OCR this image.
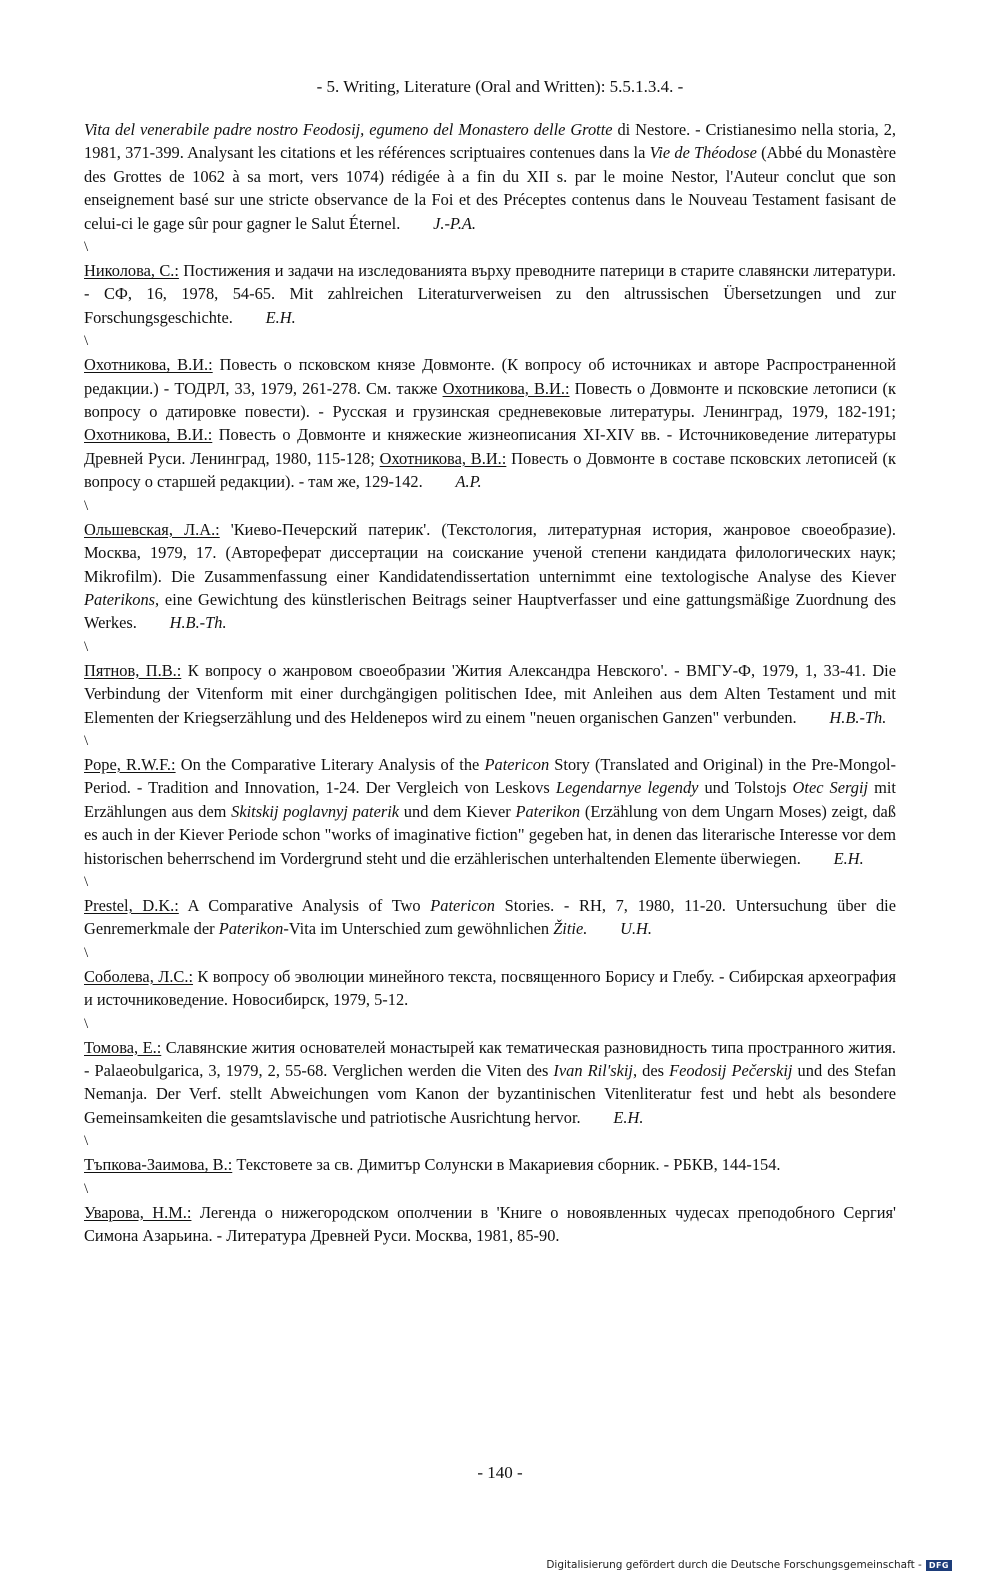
- 5. Writing, Literature (Oral and Written): 5.5.1.3.4. -

Vita del venerabile padre nostro Feodosij, egumeno del Monastero delle Grotte di Nestore. - Cristianesimo nella storia, 2, 1981, 371-399. Analysant les citations et les références scriptuaires contenues dans la Vie de Théodose (Abbé du Monastère des Grottes de 1062 à sa mort, vers 1074) rédigée à a fin du XII s. par le moine Nestor, l'Auteur conclut que son enseignement basé sur une stricte observance de la Foi et des Préceptes contenus dans le Nouveau Testament fasisant de celui-ci le gage sûr pour gagner le Salut Éternel.   J.-P.A.

\

Николова, С.: Постижения и задачи на изследованията върху преводните патерици в старите славянски литератури. - СФ, 16, 1978, 54-65. Mit zahlreichen Literaturverweisen zu den altrussischen Übersetzungen und zur Forschungsgeschichte.   E.H.

\

Охотникова, В.И.: Повесть о псковском князе Довмонте. (К вопросу об источниках и авторе Распространенной редакции.) - ТОДРЛ, 33, 1979, 261-278. См. также Охотникова, В.И.: Повесть о Довмонте и псковские летописи (к вопросу о датировке повести). - Русская и грузинская средневековые литературы. Ленинград, 1979, 182-191; Охотникова, В.И.: Повесть о Довмонте и княжеские жизнеописания XI-XIV вв. - Источниковедение литературы Древней Руси. Ленинград, 1980, 115-128; Охотникова, В.И.: Повесть о Довмонте в составе псковских летописей (к вопросу о старшей редакции). - там же, 129-142.   A.P.

\

Ольшевская, Л.А.: 'Киево-Печерский патерик'. (Текстология, литературная история, жанровое своеобразие). Москва, 1979, 17. (Автореферат диссертации на соискание ученой степени кандидата филологических наук; Mikrofilm). Die Zusammenfassung einer Kandidatendissertation unternimmt eine textologische Analyse des Kiever Paterikons, eine Gewichtung des künstlerischen Beitrags seiner Hauptverfasser und eine gattungsmäßige Zuordnung des Werkes.   H.B.-Th.

\

Пятнов, П.В.: К вопросу о жанровом своеобразии 'Жития Александра Невского'. - ВМГУ-Ф, 1979, 1, 33-41. Die Verbindung der Vitenform mit einer durchgängigen politischen Idee, mit Anleihen aus dem Alten Testament und mit Elementen der Kriegserzählung und des Heldenepos wird zu einem "neuen organischen Ganzen" verbunden.   H.B.-Th.

\

Pope, R.W.F.: On the Comparative Literary Analysis of the Patericon Story (Translated and Original) in the Pre-Mongol-Period. - Tradition and Innovation, 1-24. Der Vergleich von Leskovs Legendarnye legendy und Tolstojs Otec Sergij mit Erzählungen aus dem Skitskij poglavnyj paterik und dem Kiever Paterikon (Erzählung von dem Ungarn Moses) zeigt, daß es auch in der Kiever Periode schon "works of imaginative fiction" gegeben hat, in denen das literarische Interesse vor dem historischen beherrschend im Vordergrund steht und die erzählerischen unterhaltenden Elemente überwiegen.   E.H.

\

Prestel, D.K.: A Comparative Analysis of Two Patericon Stories. - RH, 7, 1980, 11-20. Untersuchung über die Genremerkmale der Paterikon-Vita im Unterschied zum gewöhnlichen Žitie.   U.H.

\

Соболева, Л.С.: К вопросу об эволюции минейного текста, посвященного Борису и Глебу. - Сибирская археография и источниковедение. Новосибирск, 1979, 5-12.

\

Томова, Е.: Славянские жития основателей монастырей как тематическая разновидность типа пространного жития. - Palaeobulgarica, 3, 1979, 2, 55-68. Verglichen werden die Viten des Ivan Ril'skij, des Feodosij Pečerskij und des Stefan Nemanja. Der Verf. stellt Abweichungen vom Kanon der byzantinischen Vitenliteratur fest und hebt als besondere Gemeinsamkeiten die gesamtslavische und patriotische Ausrichtung hervor.   E.H.

\

Тъпкова-Заимова, В.: Текстовете за св. Димитър Солунски в Макариевия сборник. - РБКВ, 144-154.

\

Уварова, Н.М.: Легенда о нижегородском ополчении в 'Книге о новоявленных чудесах преподобного Сергия' Симона Азарьина. - Литература Древней Руси. Москва, 1981, 85-90.

- 140 -
Digitalisierung gefördert durch die Deutsche Forschungsgemeinschaft - DFG
